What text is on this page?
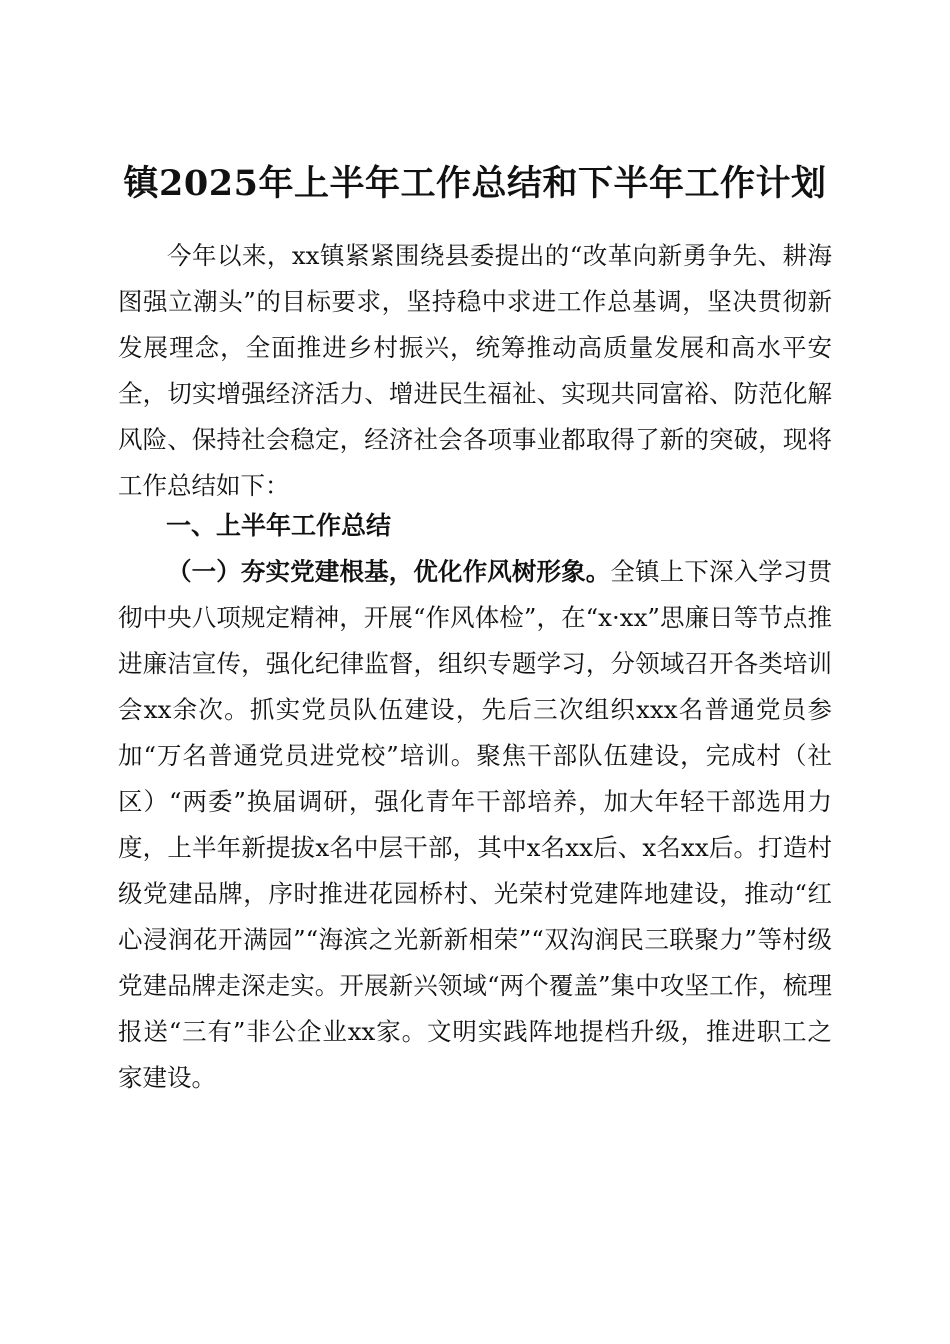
镇2025年上半年工作总结和下半年工作计划

今年以来，xx镇紧紧围绕县委提出的“改革向新勇争先、耕海图强立潮头”的目标要求，坚持稳中求进工作总基调，坚决贯彻新发展理念，全面推进乡村振兴，统筹推动高质量发展和高水平安全，切实增强经济活力、增进民生福祉、实现共同富裕、防范化解风险、保持社会稳定，经济社会各项事业都取得了新的突破，现将工作总结如下：

一、上半年工作总结

（一）夯实党建根基，优化作风树形象。全镇上下深入学习贯彻中央八项规定精神，开展“作风体检”，在“x·xx”思廉日等节点推进廉洁宣传，强化纪律监督，组织专题学习，分领域召开各类培训会xx余次。抓实党员队伍建设，先后三次组织xxx名普通党员参加“万名普通党员进党校”培训。聚焦干部队伍建设，完成村（社区）“两委”换届调研，强化青年干部培养，加大年轻干部选用力度，上半年新提拔x名中层干部，其中x名xx后、x名xx后。打造村级党建品牌，序时推进花园桥村、光荣村党建阵地建设，推动“红心浸润花开满园”“海滨之光新新相荣”“双沟润民三联聚力”等村级党建品牌走深走实。开展新兴领域“两个覆盖”集中攻坚工作，梳理报送“三有”非公企业xx家。文明实践阵地提档升级，推进职工之家建设。
